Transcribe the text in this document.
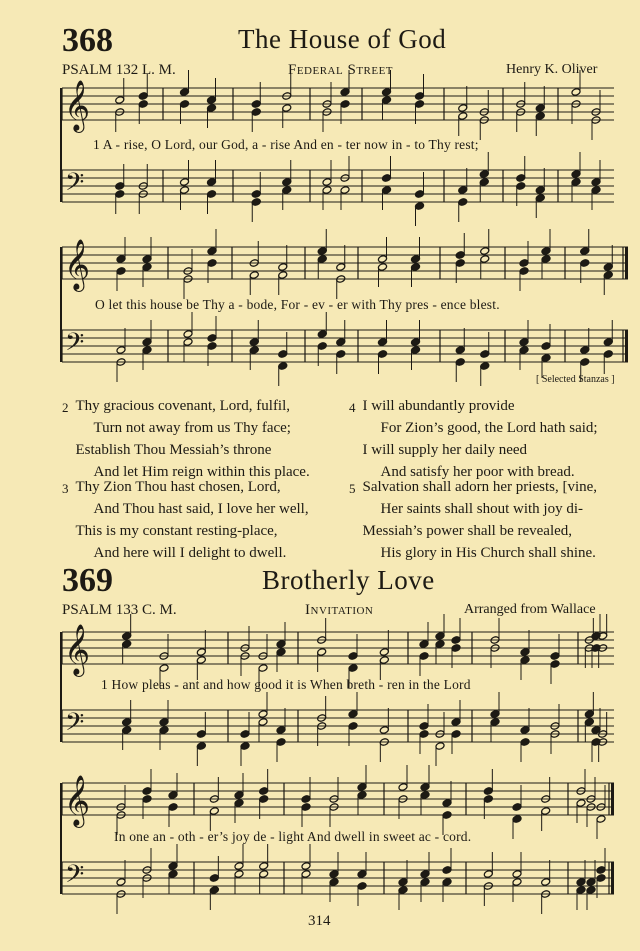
𝄞
𝄢
𝄞
𝄢
𝄞
𝄢
𝄞
𝄢
368	The House of God
PSALM 132 L. M.	Federal Street	Henry K. Oliver
1 A - rise, O Lord, our God, a - rise And en - ter now in - to Thy rest;
O let this house be Thy a - bode, For - ev - er with Thy pres - ence blest.
[ Selected Stanzas ]
2	Thy gracious covenant, Lord, fulfil,
Turn not away from us Thy face;
Establish Thou Messiah’s throne
And let Him reign within this place.
4	I will abundantly provide
For Zion’s good, the Lord hath said;
I will supply her daily need
And satisfy her poor with bread.
3	Thy Zion Thou hast chosen, Lord,
And Thou hast said, I love her well,
This is my constant resting-place,
And here will I delight to dwell.
5	Salvation shall adorn her priests, [vine,
Her saints shall shout with joy di-
Messiah’s power shall be revealed,
His glory in His Church shall shine.
369	Brotherly Love
PSALM 133 C. M.	Invitation	Arranged from Wallace
1 How pleas - ant and how good it is When breth - ren in the Lord
In one an - oth - er’s joy de - light And dwell in sweet ac - cord.
314
